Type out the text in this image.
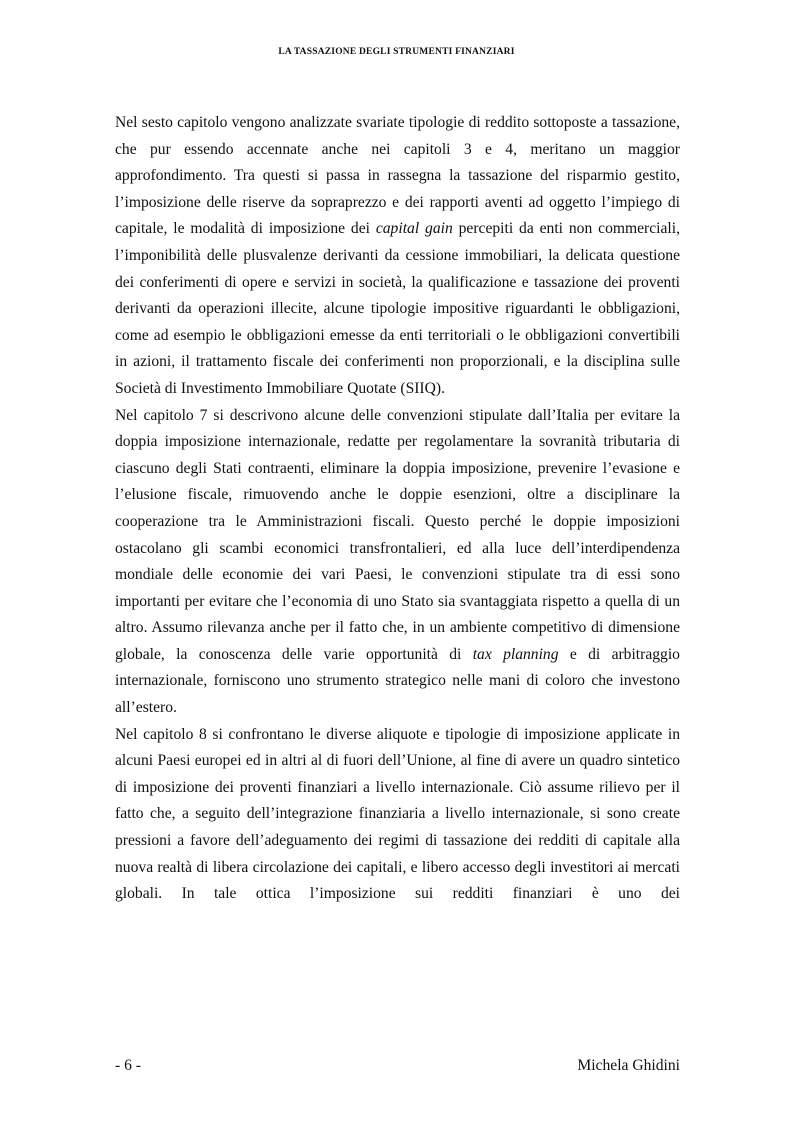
LA TASSAZIONE DEGLI STRUMENTI FINANZIARI

Nel sesto capitolo vengono analizzate svariate tipologie di reddito sottoposte a tassazione, che pur essendo accennate anche nei capitoli 3 e 4, meritano un maggior approfondimento. Tra questi si passa in rassegna la tassazione del risparmio gestito, l’imposizione delle riserve da sopraprezzo e dei rapporti aventi ad oggetto l’impiego di capitale, le modalità di imposizione dei capital gain percepiti da enti non commerciali, l’imponibilità delle plusvalenze derivanti da cessione immobiliari, la delicata questione dei conferimenti di opere e servizi in società, la qualificazione e tassazione dei proventi derivanti da operazioni illecite, alcune tipologie impositive riguardanti le obbligazioni, come ad esempio le obbligazioni emesse da enti territoriali o le obbligazioni convertibili in azioni, il trattamento fiscale dei conferimenti non proporzionali, e la disciplina sulle Società di Investimento Immobiliare Quotate (SIIQ).

Nel capitolo 7 si descrivono alcune delle convenzioni stipulate dall’Italia per evitare la doppia imposizione internazionale, redatte per regolamentare la sovranità tributaria di ciascuno degli Stati contraenti, eliminare la doppia imposizione, prevenire l’evasione e l’elusione fiscale, rimuovendo anche le doppie esenzioni, oltre a disciplinare la cooperazione tra le Amministrazioni fiscali. Questo perché le doppie imposizioni ostacolano gli scambi economici transfrontalieri, ed alla luce dell’interdipendenza mondiale delle economie dei vari Paesi, le convenzioni stipulate tra di essi sono importanti per evitare che l’economia di uno Stato sia svantaggiata rispetto a quella di un altro. Assumo rilevanza anche per il fatto che, in un ambiente competitivo di dimensione globale, la conoscenza delle varie opportunità di tax planning e di arbitraggio internazionale, forniscono uno strumento strategico nelle mani di coloro che investono all’estero.

Nel capitolo 8 si confrontano le diverse aliquote e tipologie di imposizione applicate in alcuni Paesi europei ed in altri al di fuori dell’Unione, al fine di avere un quadro sintetico di imposizione dei proventi finanziari a livello internazionale. Ciò assume rilievo per il fatto che, a seguito dell’integrazione finanziaria a livello internazionale, si sono create pressioni a favore dell’adeguamento dei regimi di tassazione dei redditi di capitale alla nuova realtà di libera circolazione dei capitali, e libero accesso degli investitori ai mercati globali. In tale ottica l’imposizione sui redditi finanziari è uno dei

- 6 -	Michela Ghidini
